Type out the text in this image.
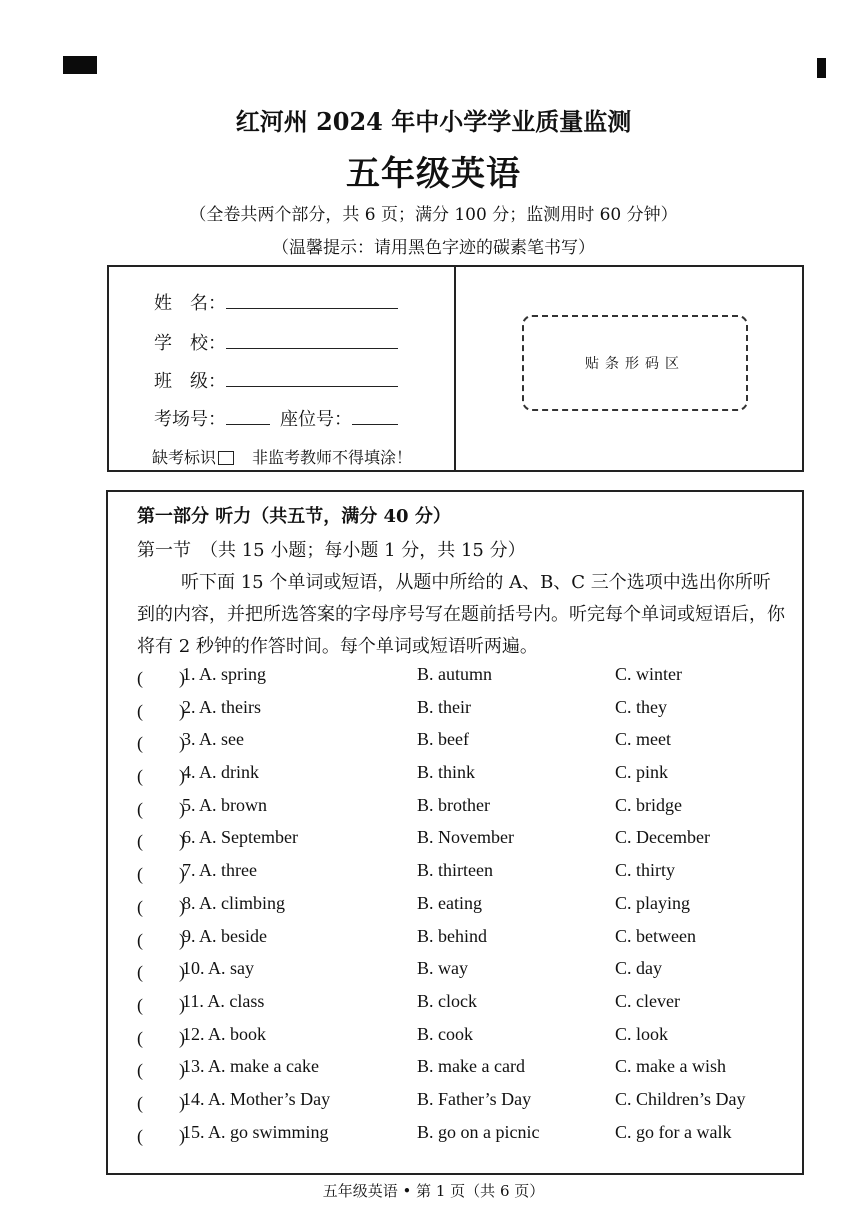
红河州 2024 年中小学学业质量监测
五年级英语
（全卷共两个部分，共 6 页；满分 100 分；监测用时 60 分钟）
（温馨提示：请用黑色字迹的碳素笔书写）
姓　名：
学　校：
班　级：
考场号：	座位号：
缺考标识 非监考教师不得填涂！
贴条形码区
第一部分 听力（共五节，满分 40 分）
第一节　（共 15 小题；每小题 1 分，共 15 分）
听下面 15 个单词或短语，从题中所给的 A、B、C 三个选项中选出你所听到的内容，并把所选答案的字母序号写在题前括号内。听完每个单词或短语后，你将有 2 秒钟的作答时间。每个单词或短语听两遍。
(　　)
1. A. spring	B. autumn	C. winter
(　　)
2. A. theirs	B. their	C. they
(　　)
3. A. see	B. beef	C. meet
(　　)
4. A. drink	B. think	C. pink
(　　)
5. A. brown	B. brother	C. bridge
(　　)
6. A. September	B. November	C. December
(　　)
7. A. three	B. thirteen	C. thirty
(　　)
8. A. climbing	B. eating	C. playing
(　　)
9. A. beside	B. behind	C. between
(　　)
10. A. say	B. way	C. day
(　　)
11. A. class	B. clock	C. clever
(　　)
12. A. book	B. cook	C. look
(　　)
13. A. make a cake	B. make a card	C. make a wish
(　　)
14. A. Mother’s Day	B. Father’s Day	C. Children’s Day
(　　)
15. A. go swimming	B. go on a picnic	C. go for a walk
五年级英语 • 第 1 页（共 6 页）
